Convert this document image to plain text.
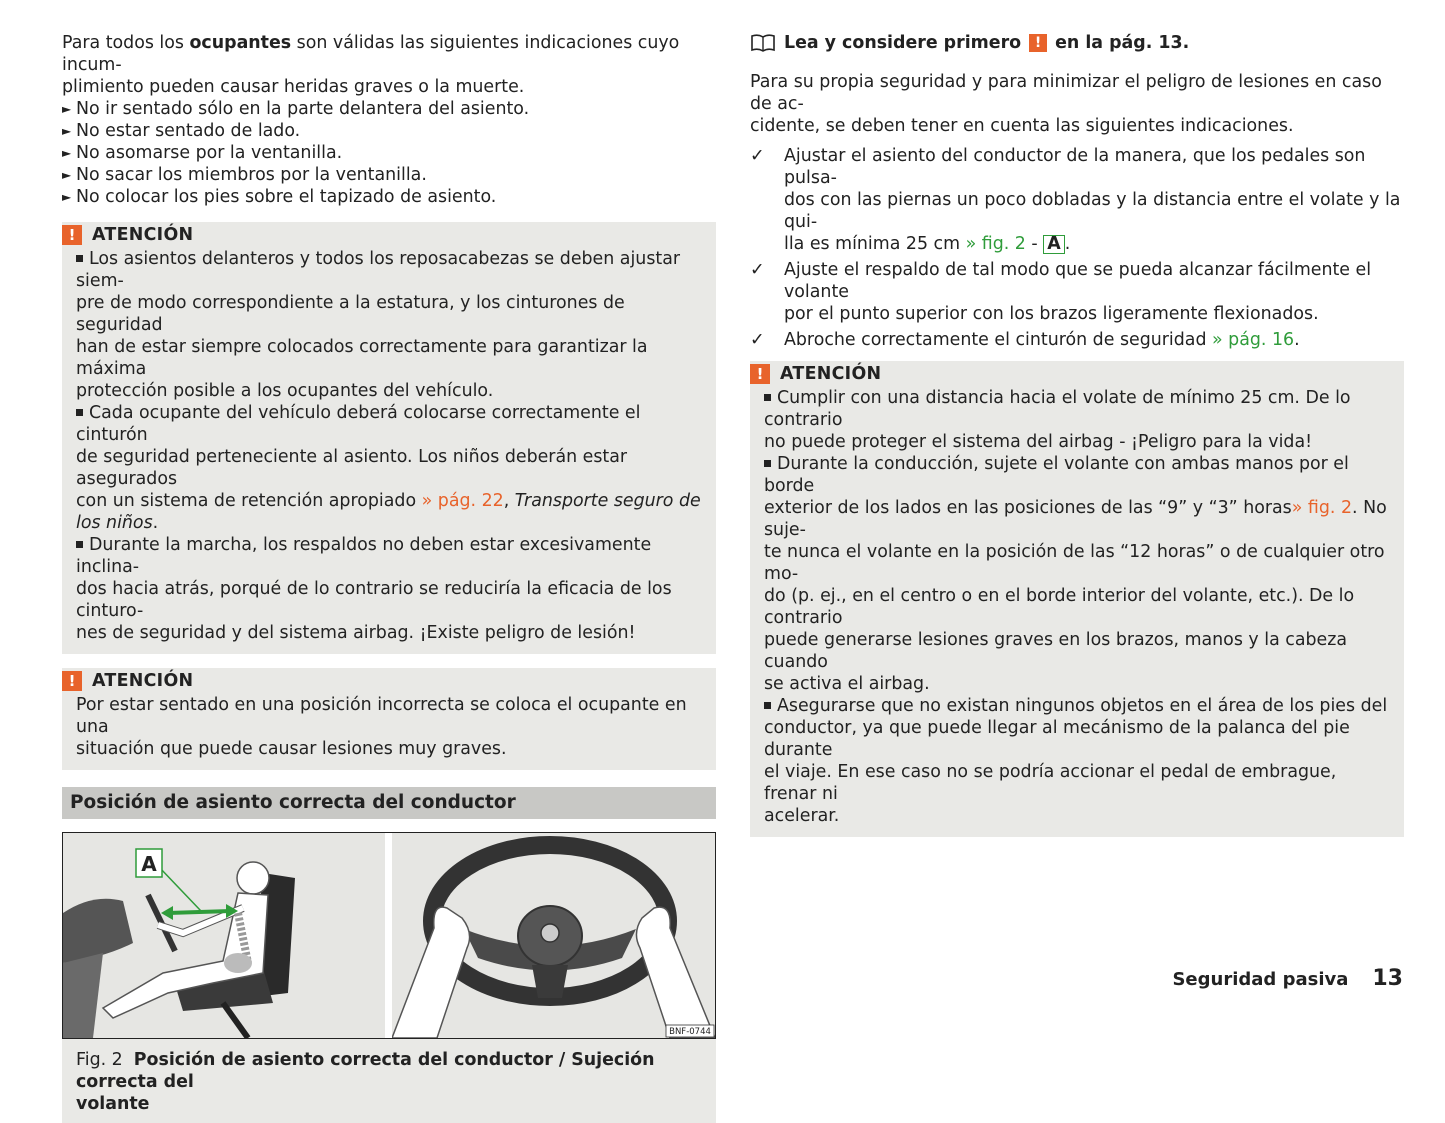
Para todos los ocupantes son válidas las siguientes indicaciones cuyo incum-
plimiento pueden causar heridas graves o la muerte.

► No ir sentado sólo en la parte delantera del asiento.
► No estar sentado de lado.
► No asomarse por la ventanilla.
► No sacar los miembros por la ventanilla.
► No colocar los pies sobre el tapizado de asiento.
! ATENCIÓN

Los asientos delanteros y todos los reposacabezas se deben ajustar siem-
pre de modo correspondiente a la estatura, y los cinturones de seguridad
han de estar siempre colocados correctamente para garantizar la máxima
protección posible a los ocupantes del vehículo.

Cada ocupante del vehículo deberá colocarse correctamente el cinturón
de seguridad perteneciente al asiento. Los niños deberán estar asegurados
con un sistema de retención apropiado » pág. 22, Transporte seguro de
los niños.

Durante la marcha, los respaldos no deben estar excesivamente inclina-
dos hacia atrás, porqué de lo contrario se reduciría la eficacia de los cinturo-
nes de seguridad y del sistema airbag. ¡Existe peligro de lesión!

! ATENCIÓN

Por estar sentado en una posición incorrecta se coloca el ocupante en una
situación que puede causar lesiones muy graves.

Posición de asiento correcta del conductor
A
BNF-0744
Fig. 2 Posición de asiento correcta del conductor / Sujeción correcta del
volante

Lea y considere primero ! en la pág. 13.

Para su propia seguridad y para minimizar el peligro de lesiones en caso de ac-
cidente, se deben tener en cuenta las siguientes indicaciones.

✓ Ajustar el asiento del conductor de la manera, que los pedales son pulsa-
dos con las piernas un poco dobladas y la distancia entre el volate y la qui-
lla es mínima 25 cm » fig. 2 - A .
✓ Ajuste el respaldo de tal modo que se pueda alcanzar fácilmente el volante
por el punto superior con los brazos ligeramente flexionados.
✓ Abroche correctamente el cinturón de seguridad » pág. 16.
! ATENCIÓN

Cumplir con una distancia hacia el volate de mínimo 25 cm. De lo contrario
no puede proteger el sistema del airbag - ¡Peligro para la vida!

Durante la conducción, sujete el volante con ambas manos por el borde
exterior de los lados en las posiciones de las “9” y “3” horas» fig. 2. No suje-
te nunca el volante en la posición de las “12 horas” o de cualquier otro mo-
do (p. ej., en el centro o en el borde interior del volante, etc.). De lo contrario
puede generarse lesiones graves en los brazos, manos y la cabeza cuando
se activa el airbag.

Asegurarse que no existan ningunos objetos en el área de los pies del
conductor, ya que puede llegar al mecánismo de la palanca del pie durante
el viaje. En ese caso no se podría accionar el pedal de embrague, frenar ni
acelerar.

Seguridad pasiva 13
